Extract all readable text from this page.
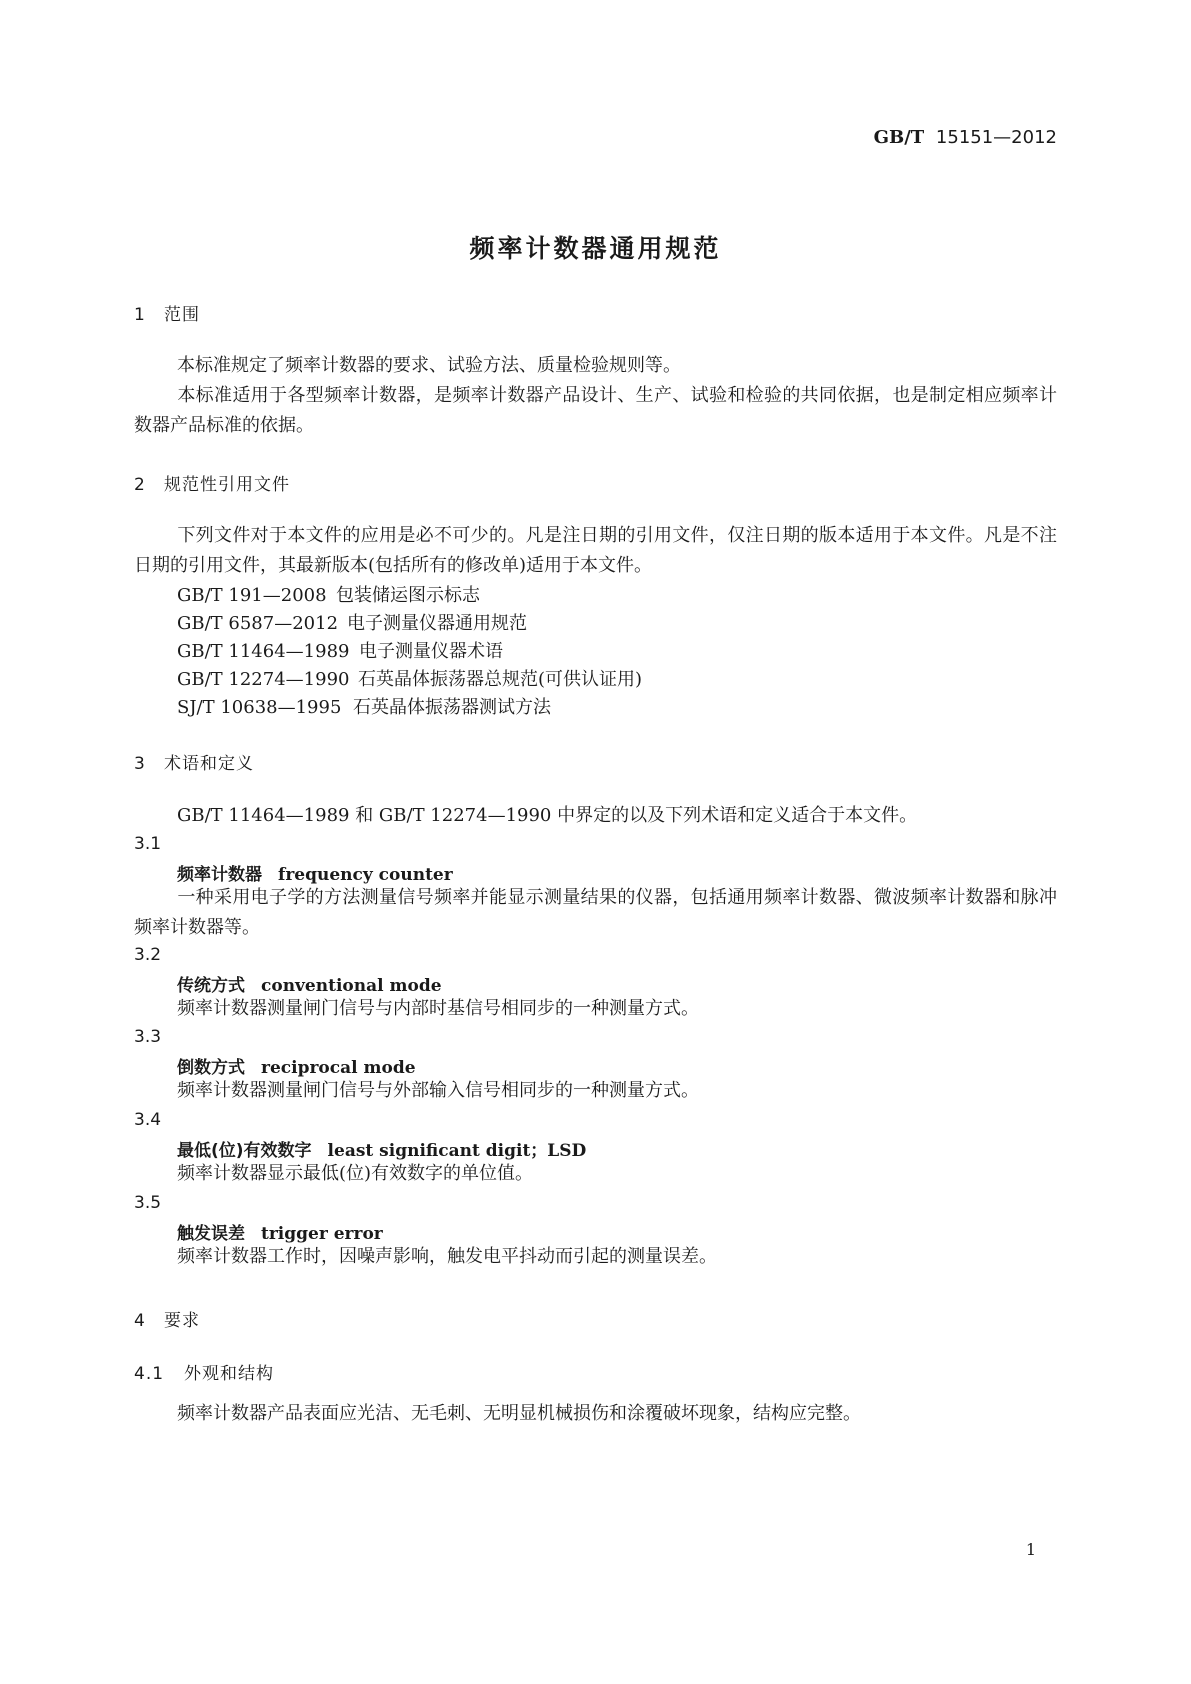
GB/T 15151—2012
频率计数器通用规范
1 范围
本标准规定了频率计数器的要求、试验方法、质量检验规则等。
本标准适用于各型频率计数器，是频率计数器产品设计、生产、试验和检验的共同依据，也是制定相应频率计数器产品标准的依据。
2 规范性引用文件
下列文件对于本文件的应用是必不可少的。凡是注日期的引用文件，仅注日期的版本适用于本文件。凡是不注日期的引用文件，其最新版本(包括所有的修改单)适用于本文件。
GB/T 191—2008 包装储运图示标志
GB/T 6587—2012 电子测量仪器通用规范
GB/T 11464—1989 电子测量仪器术语
GB/T 12274—1990 石英晶体振荡器总规范(可供认证用)
SJ/T 10638—1995 石英晶体振荡器测试方法
3 术语和定义
GB/T 11464—1989 和 GB/T 12274—1990 中界定的以及下列术语和定义适合于本文件。
3.1
频率计数器 frequency counter
一种采用电子学的方法测量信号频率并能显示测量结果的仪器，包括通用频率计数器、微波频率计数器和脉冲频率计数器等。
3.2
传统方式 conventional mode
频率计数器测量闸门信号与内部时基信号相同步的一种测量方式。
3.3
倒数方式 reciprocal mode
频率计数器测量闸门信号与外部输入信号相同步的一种测量方式。
3.4
最低(位)有效数字 least significant digit；LSD
频率计数器显示最低(位)有效数字的单位值。
3.5
触发误差 trigger error
频率计数器工作时，因噪声影响，触发电平抖动而引起的测量误差。
4 要求
4.1 外观和结构
频率计数器产品表面应光洁、无毛刺、无明显机械损伤和涂覆破坏现象，结构应完整。
1
